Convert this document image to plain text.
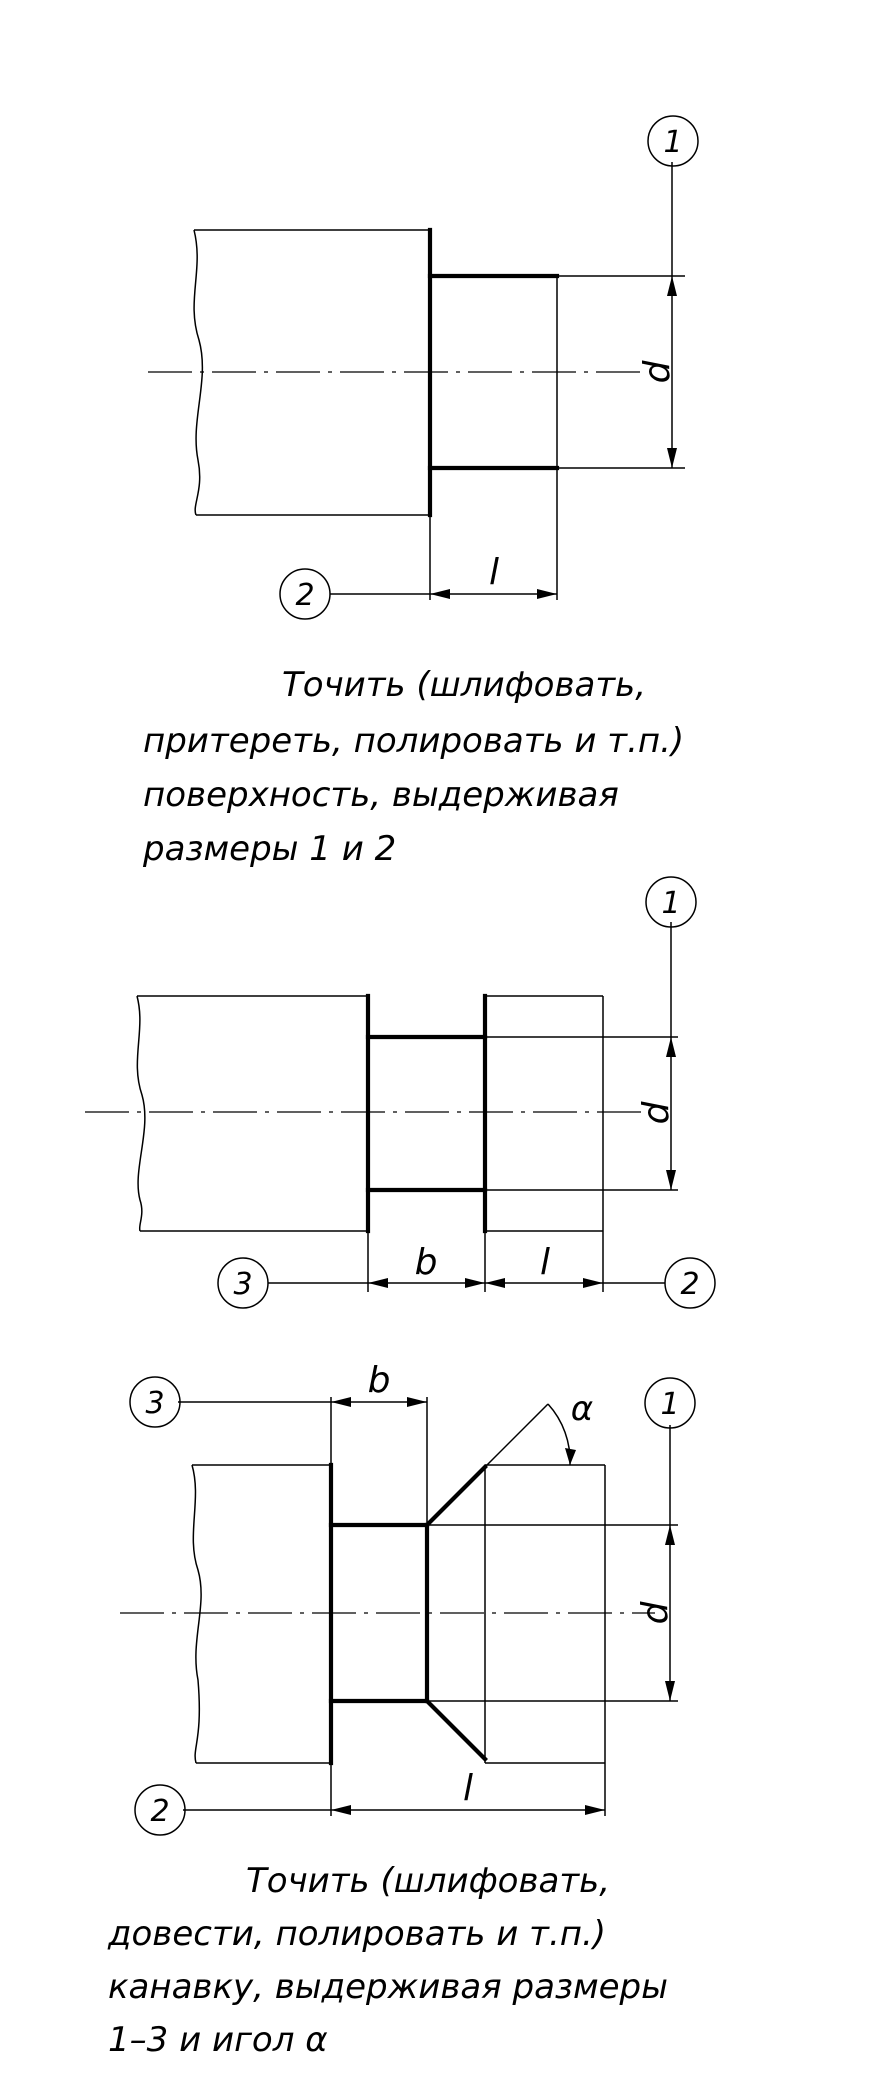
d
1
l
2
Точить (шлифовать,
притереть, полировать и т.п.)
поверхность, выдерживая
размеры 1 и 2
d
1
b	l
3	2
d
1
b
3	α
l
2
Точить (шлифовать,
довести, полировать и т.п.)
канавку, выдерживая размеры
1–3 и игол α
